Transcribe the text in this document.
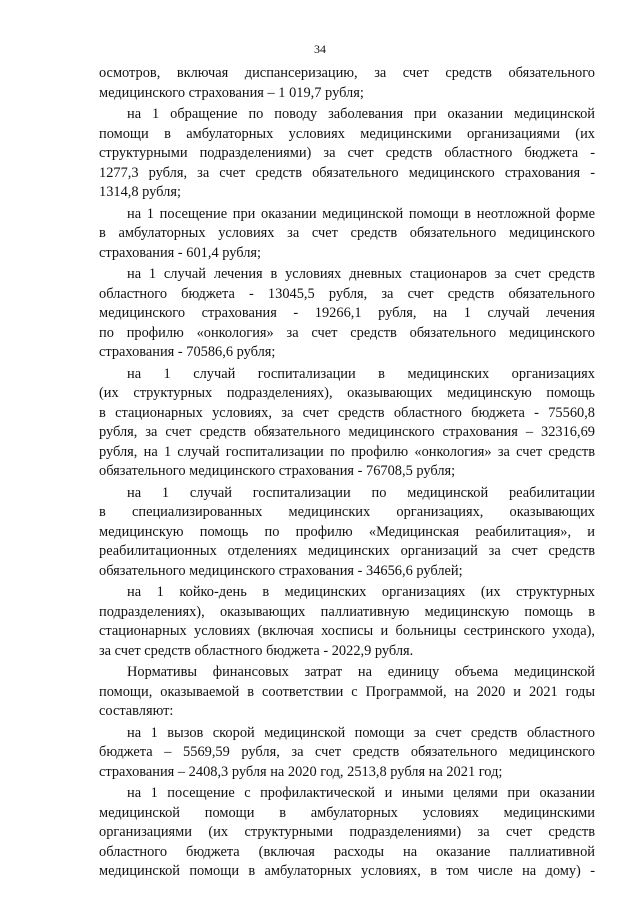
34
осмотров, включая диспансеризацию, за счет средств обязательного
медицинского страхования – 1 019,7 рубля;
на 1 обращение по поводу заболевания при оказании медицинской
помощи в амбулаторных условиях медицинскими организациями (их
структурными подразделениями) за счет средств областного бюджета -
1277,3 рубля, за счет средств обязательного медицинского страхования -
1314,8 рубля;
на 1 посещение при оказании медицинской помощи в неотложной форме
в амбулаторных условиях за счет средств обязательного медицинского
страхования - 601,4 рубля;
на 1 случай лечения в условиях дневных стационаров за счет средств
областного бюджета - 13045,5 рубля, за счет средств обязательного
медицинского страхования - 19266,1 рубля, на 1 случай лечения
по профилю «онкология» за счет средств обязательного медицинского
страхования - 70586,6 рубля;
на 1 случай госпитализации в медицинских организациях
(их структурных подразделениях), оказывающих медицинскую помощь
в стационарных условиях, за счет средств областного бюджета - 75560,8
рубля, за счет средств обязательного медицинского страхования – 32316,69
рубля, на 1 случай госпитализации по профилю «онкология» за счет средств
обязательного медицинского страхования - 76708,5 рубля;
на 1 случай госпитализации по медицинской реабилитации
в специализированных медицинских организациях, оказывающих
медицинскую помощь по профилю «Медицинская реабилитация», и
реабилитационных отделениях медицинских организаций за счет средств
обязательного медицинского страхования - 34656,6 рублей;
на 1 койко-день в медицинских организациях (их структурных
подразделениях), оказывающих паллиативную медицинскую помощь в
стационарных условиях (включая хосписы и больницы сестринского ухода),
за счет средств областного бюджета - 2022,9 рубля.
Нормативы финансовых затрат на единицу объема медицинской
помощи, оказываемой в соответствии с Программой, на 2020 и 2021 годы
составляют:
на 1 вызов скорой медицинской помощи за счет средств областного
бюджета – 5569,59 рубля, за счет средств обязательного медицинского
страхования – 2408,3 рубля на 2020 год, 2513,8 рубля на 2021 год;
на 1 посещение с профилактической и иными целями при оказании
медицинской помощи в амбулаторных условиях медицинскими
организациями (их структурными подразделениями) за счет средств
областного бюджета (включая расходы на оказание паллиативной
медицинской помощи в амбулаторных условиях, в том числе на дому) -
